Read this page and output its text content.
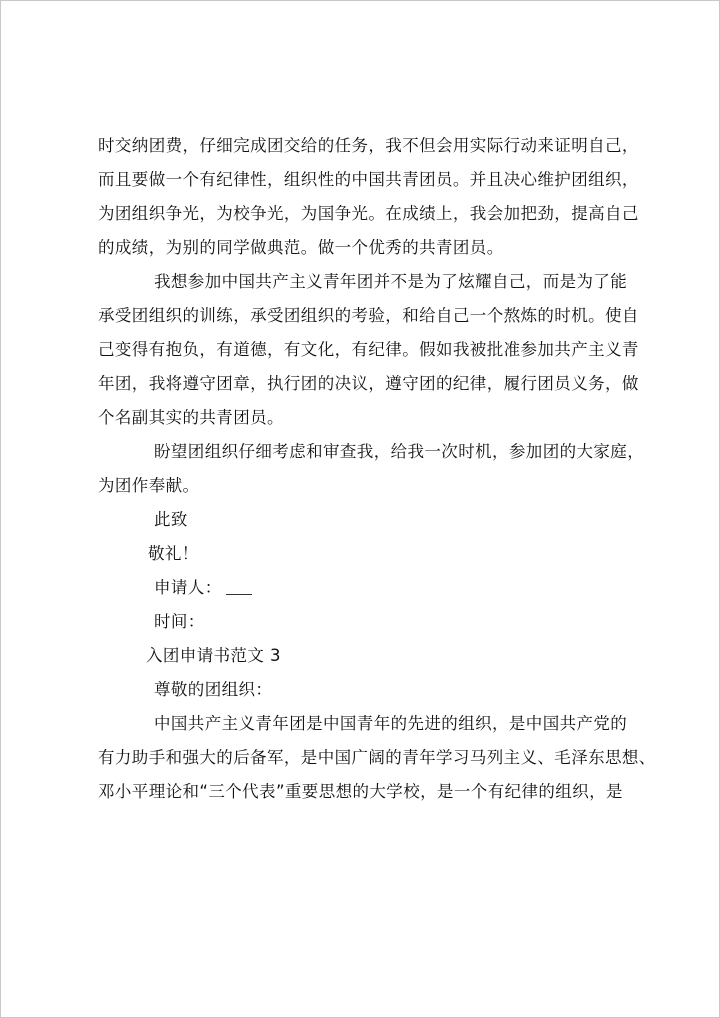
时交纳团费，仔细完成团交给的任务，我不但会用实际行动来证明自己，
而且要做一个有纪律性，组织性的中国共青团员。并且决心维护团组织，
为团组织争光，为校争光，为国争光。在成绩上，我会加把劲，提高自己
的成绩，为别的同学做典范。做一个优秀的共青团员。
我想参加中国共产主义青年团并不是为了炫耀自己，而是为了能
承受团组织的训练，承受团组织的考验，和给自己一个熬炼的时机。使自
己变得有抱负，有道德，有文化，有纪律。假如我被批准参加共产主义青
年团，我将遵守团章，执行团的决议，遵守团的纪律，履行团员义务，做
个名副其实的共青团员。
盼望团组织仔细考虑和审查我，给我一次时机，参加团的大家庭，
为团作奉献。
此致
敬礼！
申请人：
时间：
入团申请书范文 3
尊敬的团组织：
中国共产主义青年团是中国青年的先进的组织，是中国共产党的
有力助手和强大的后备军，是中国广阔的青年学习马列主义、毛泽东思想、
邓小平理论和“三个代表”重要思想的大学校，是一个有纪律的组织，是
